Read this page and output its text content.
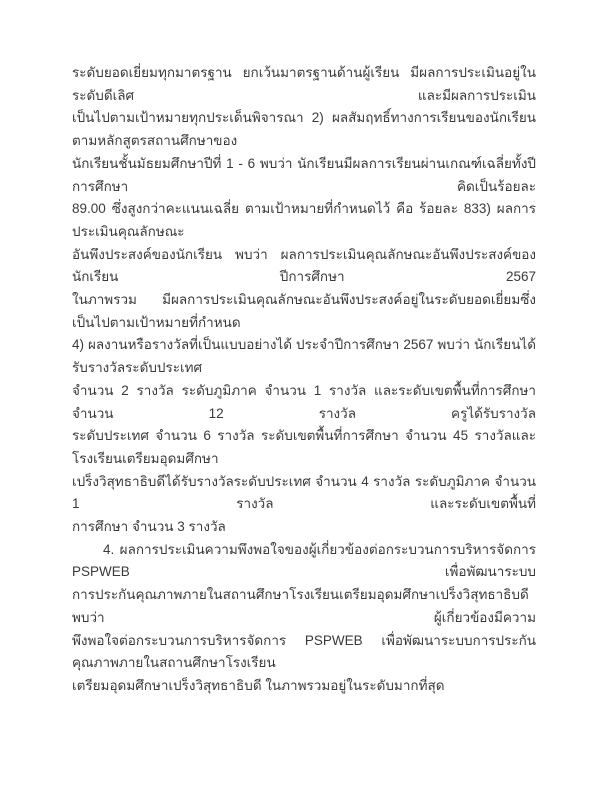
ระดับยอดเยี่ยมทุกมาตรฐาน ยกเว้นมาตรฐานด้านผู้เรียน มีผลการประเมินอยู่ในระดับดีเลิศ และมีผลการประเมิน
เป็นไปตามเป้าหมายทุกประเด็นพิจารณา 2) ผลสัมฤทธิ์ทางการเรียนของนักเรียนตามหลักสูตรสถานศึกษาของ
นักเรียนชั้นมัธยมศึกษาปีที่ 1 - 6 พบว่า นักเรียนมีผลการเรียนผ่านเกณฑ์เฉลี่ยทั้งปีการศึกษา คิดเป็นร้อยละ
89.00 ซึ่งสูงกว่าคะแนนเฉลี่ย ตามเป้าหมายที่กำหนดไว้ คือ ร้อยละ 833) ผลการประเมินคุณลักษณะ
อันพึงประสงค์ของนักเรียน พบว่า ผลการประเมินคุณลักษณะอันพึงประสงค์ของนักเรียน ปีการศึกษา 2567
ในภาพรวม มีผลการประเมินคุณลักษณะอันพึงประสงค์อยู่ในระดับยอดเยี่ยมซึ่งเป็นไปตามเป้าหมายที่กำหนด
4) ผลงานหรือรางวัลที่เป็นแบบอย่างได้ ประจำปีการศึกษา 2567 พบว่า นักเรียนได้รับรางวัลระดับประเทศ
จำนวน 2 รางวัล ระดับภูมิภาค จำนวน 1 รางวัล และระดับเขตพื้นที่การศึกษาจำนวน 12 รางวัล ครูได้รับรางวัล
ระดับประเทศ จำนวน 6 รางวัล ระดับเขตพื้นที่การศึกษา จำนวน 45 รางวัลและโรงเรียนเตรียมอุดมศึกษา
เปร็งวิสุทธาธิบดีได้รับรางวัลระดับประเทศ จำนวน 4 รางวัล ระดับภูมิภาค จำนวน 1 รางวัล และระดับเขตพื้นที่
การศึกษา จำนวน 3 รางวัล
4. ผลการประเมินความพึงพอใจของผู้เกี่ยวข้องต่อกระบวนการบริหารจัดการ PSPWEB เพื่อพัฒนาระบบ
การประกันคุณภาพภายในสถานศึกษาโรงเรียนเตรียมอุดมศึกษาเปร็งวิสุทธาธิบดี พบว่า ผู้เกี่ยวข้องมีความ
พึงพอใจต่อกระบวนการบริหารจัดการ PSPWEB เพื่อพัฒนาระบบการประกันคุณภาพภายในสถานศึกษาโรงเรียน
เตรียมอุดมศึกษาเปร็งวิสุทธาธิบดี ในภาพรวมอยู่ในระดับมากที่สุด
